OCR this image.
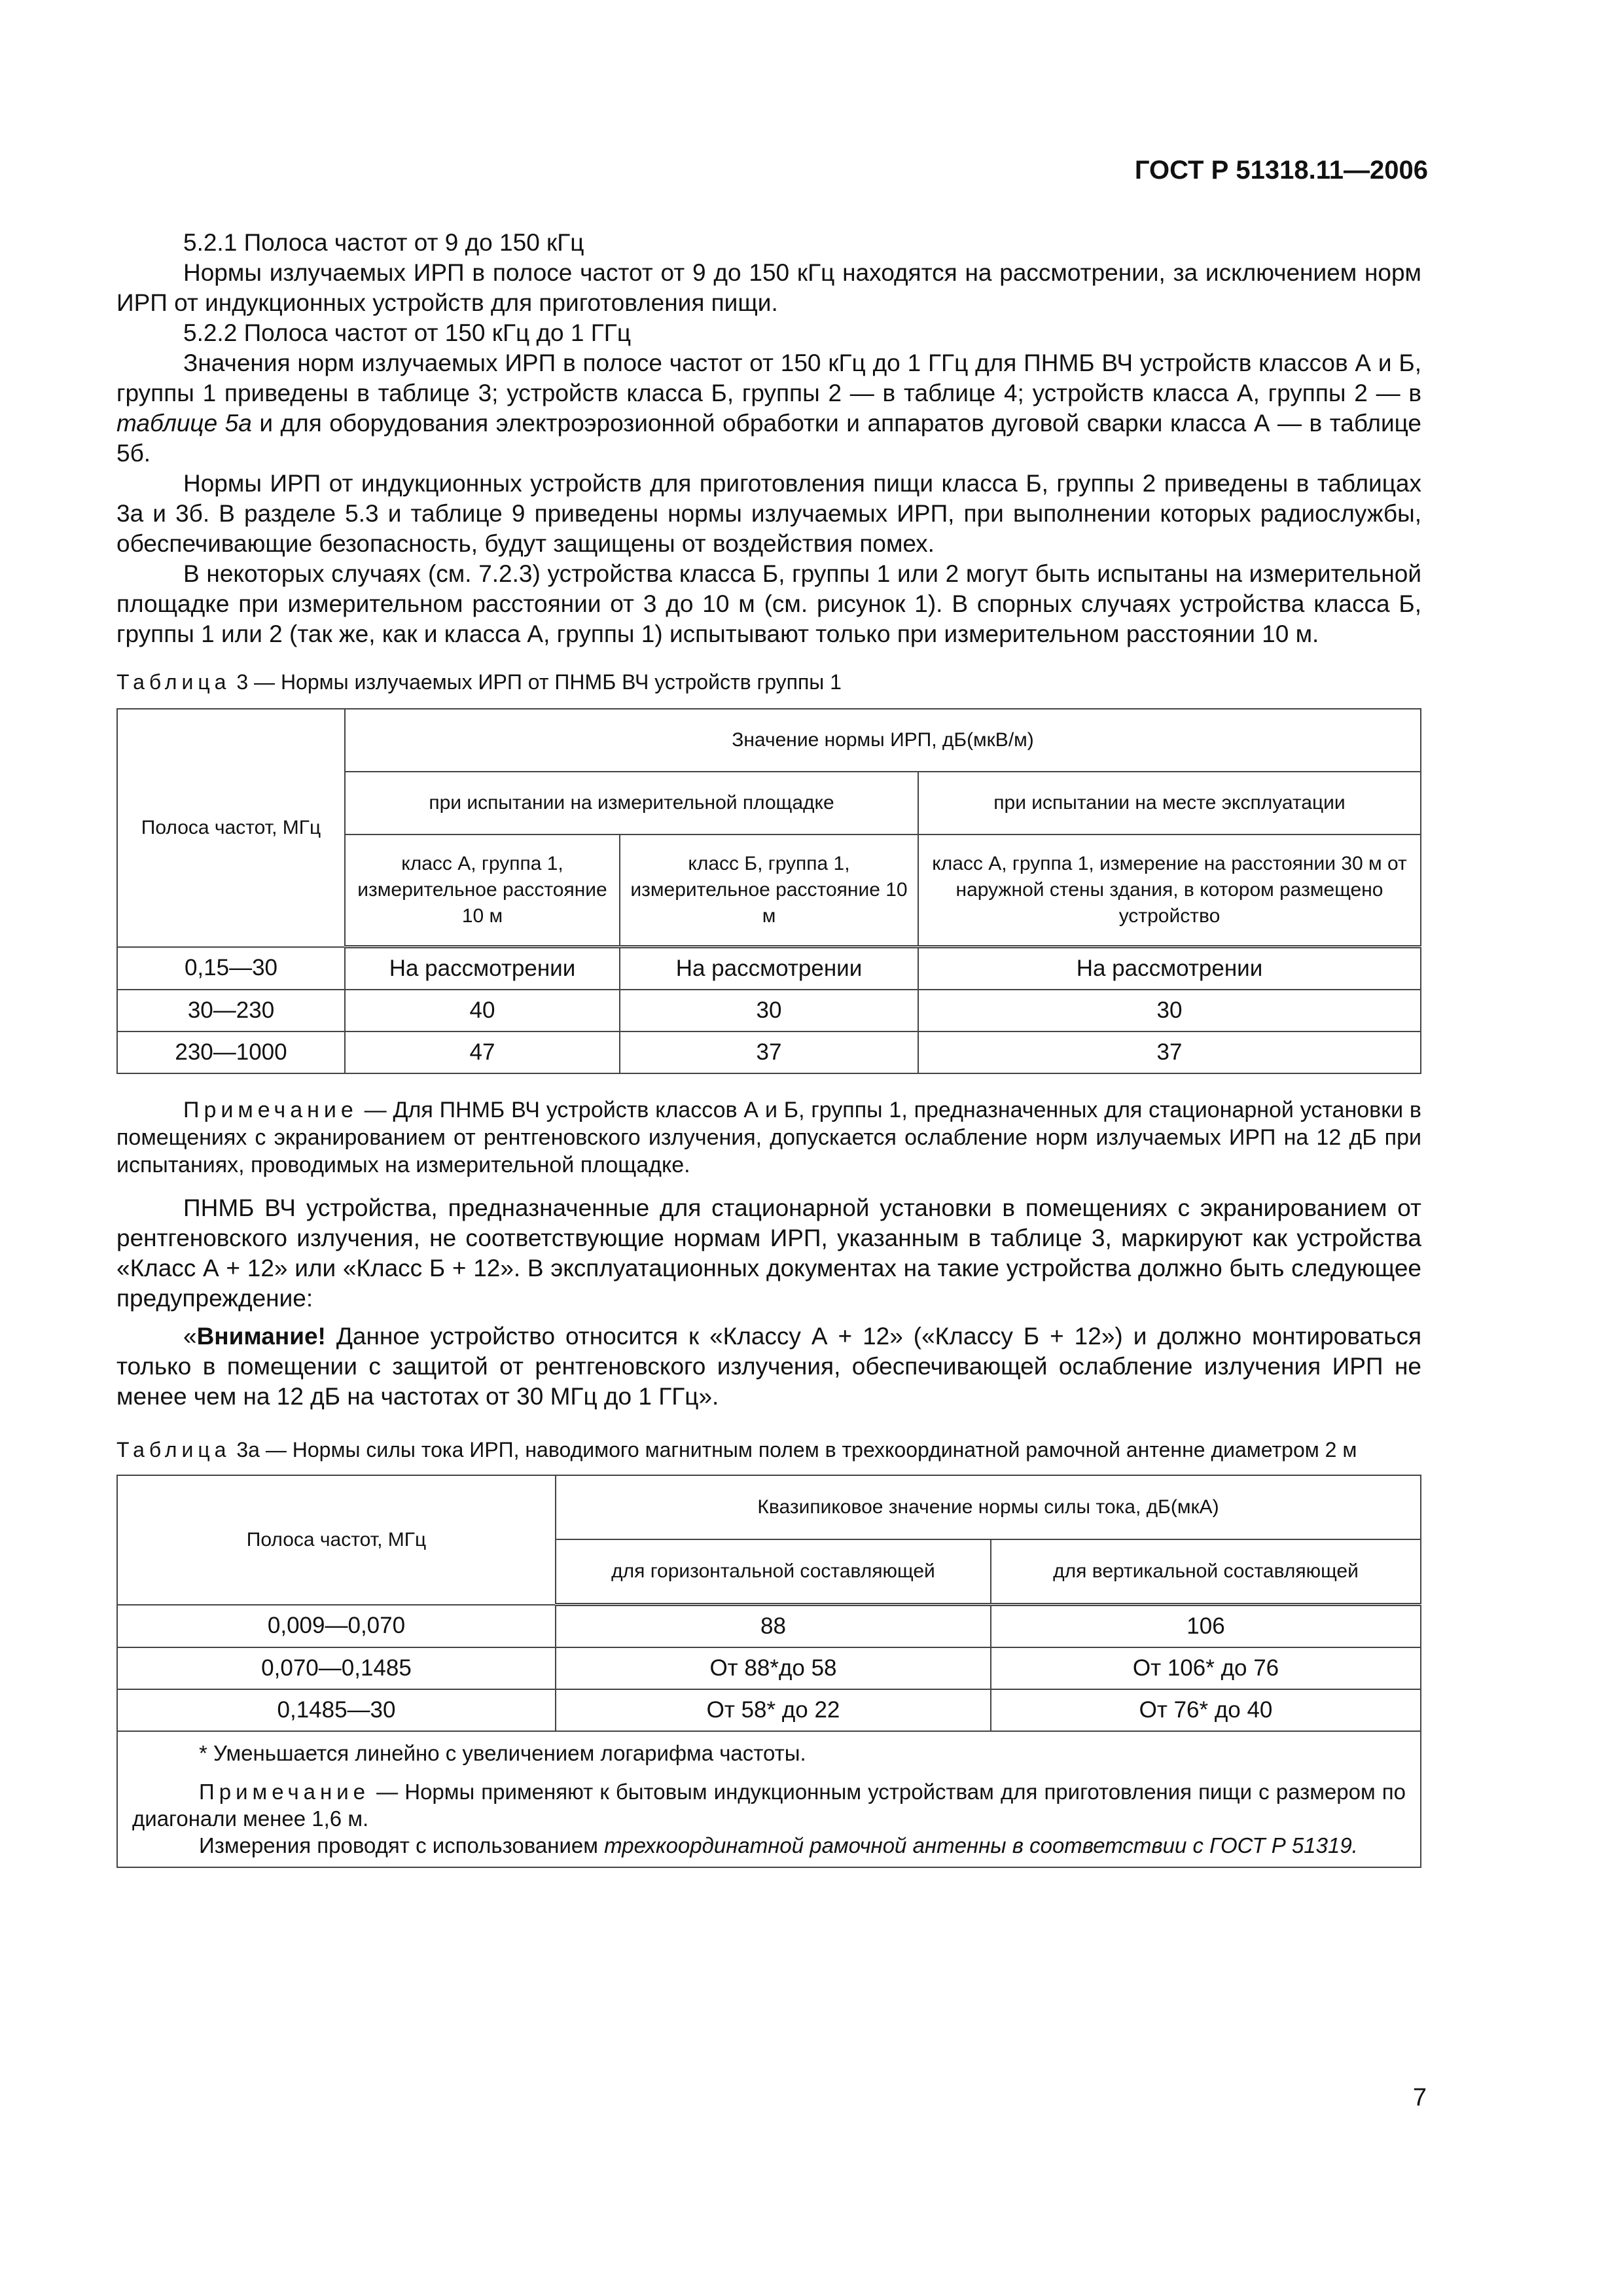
ГОСТ Р 51318.11—2006

5.2.1 Полоса частот от 9 до 150 кГц

Нормы излучаемых ИРП в полосе частот от 9 до 150 кГц находятся на рассмотрении, за исключением норм ИРП от индукционных устройств для приготовления пищи.

5.2.2 Полоса частот от 150 кГц до 1 ГГц

Значения норм излучаемых ИРП в полосе частот от 150 кГц до 1 ГГц для ПНМБ ВЧ устройств классов А и Б, группы 1 приведены в таблице 3; устройств класса Б, группы 2 — в таблице 4; устройств класса А, группы 2 — в таблице 5а и для оборудования электроэрозионной обработки и аппаратов дуговой сварки класса А — в таблице 5б.

Нормы ИРП от индукционных устройств для приготовления пищи класса Б, группы 2 приведены в таблицах 3а и 3б. В разделе 5.3 и таблице 9 приведены нормы излучаемых ИРП, при выполнении которых радиослужбы, обеспечивающие безопасность, будут защищены от воздействия помех.

В некоторых случаях (см. 7.2.3) устройства класса Б, группы 1 или 2 могут быть испытаны на измерительной площадке при измерительном расстоянии от 3 до 10 м (см. рисунок 1). В спорных случаях устройства класса Б, группы 1 или 2 (так же, как и класса А, группы 1) испытывают только при измерительном расстоянии 10 м.

Таблица 3 — Нормы излучаемых ИРП от ПНМБ ВЧ устройств группы 1

Полоса частот, МГц	Значение нормы ИРП, дБ(мкВ/м)		
	при испытании на измерительной площадке		при испытании на месте эксплуатации
	класс А, группа 1, измерительное расстояние 10 м	класс Б, группа 1, измерительное расстояние 10 м	класс А, группа 1, измерение на расстоянии 30 м от наружной стены здания, в котором размещено устройство
0,15—30	На рассмотрении	На рассмотрении	На рассмотрении
30—230	40	30	30
230—1000	47	37	37

Примечание — Для ПНМБ ВЧ устройств классов А и Б, группы 1, предназначенных для стационарной установки в помещениях с экранированием от рентгеновского излучения, допускается ослабление норм излучаемых ИРП на 12 дБ при испытаниях, проводимых на измерительной площадке.

ПНМБ ВЧ устройства, предназначенные для стационарной установки в помещениях с экранированием от рентгеновского излучения, не соответствующие нормам ИРП, указанным в таблице 3, маркируют как устройства «Класс А + 12» или «Класс Б + 12». В эксплуатационных документах на такие устройства должно быть следующее предупреждение:

«Внимание! Данное устройство относится к «Классу А + 12» («Классу Б + 12») и должно монтироваться только в помещении с защитой от рентгеновского излучения, обеспечивающей ослабление излучения ИРП не менее чем на 12 дБ на частотах от 30 МГц до 1 ГГц».

Таблица 3а — Нормы силы тока ИРП, наводимого магнитным полем в трехкоординатной рамочной антенне диаметром 2 м

Полоса частот, МГц	Квазипиковое значение нормы силы тока, дБ(мкА)	
	для горизонтальной составляющей	для вертикальной составляющей
0,009—0,070	88	106
0,070—0,1485	От 88*до 58	От 106* до 76
0,1485—30	От 58* до 22	От 76* до 40

* Уменьшается линейно с увеличением логарифма частоты.

Примечание — Нормы применяют к бытовым индукционным устройствам для приготовления пищи с размером по диагонали менее 1,6 м.

Измерения проводят с использованием трехкоординатной рамочной антенны в соответствии с ГОСТ Р 51319.		

7
